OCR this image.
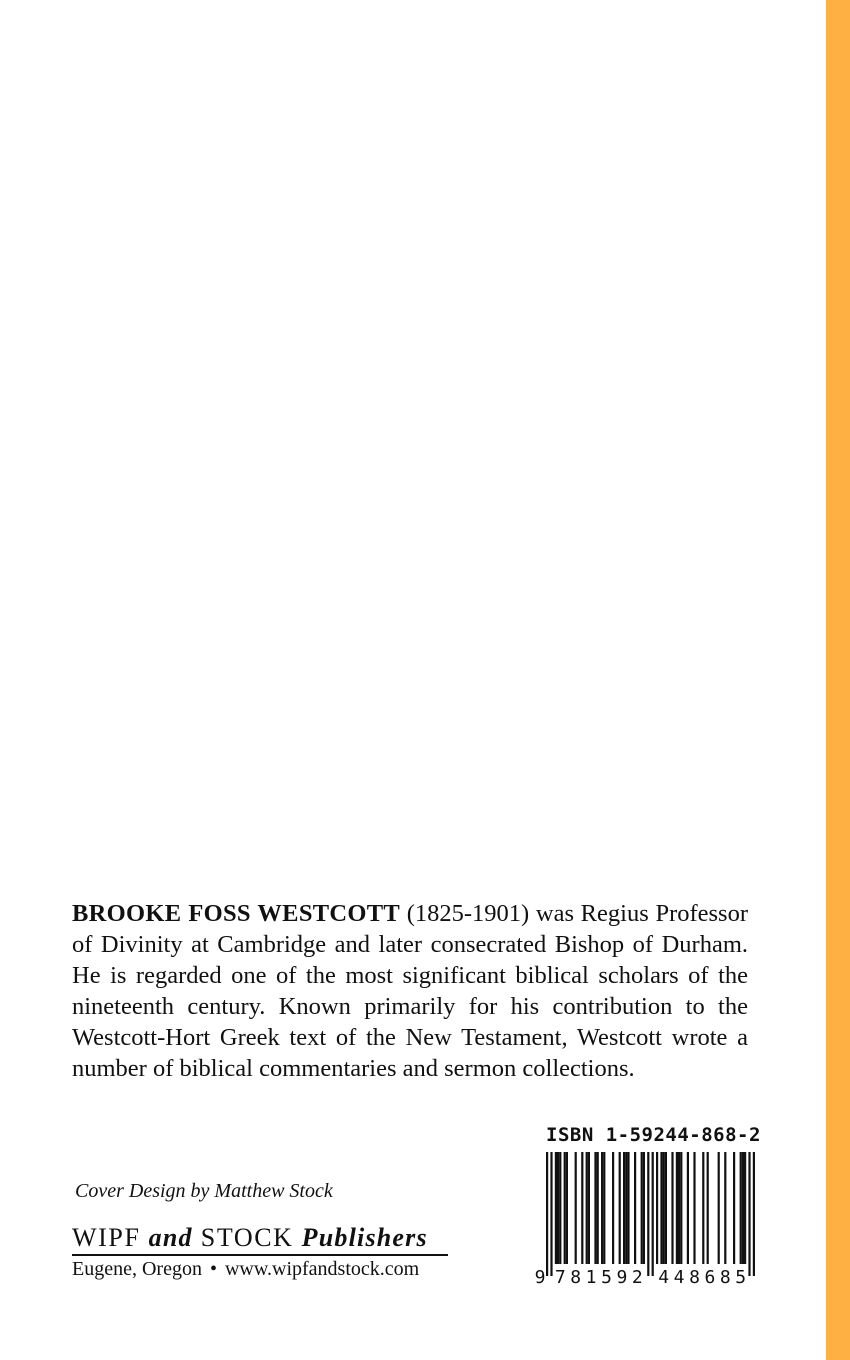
BROOKE FOSS WESTCOTT (1825-1901) was Regius Professor of Divinity at Cambridge and later consecrated Bishop of Durham. He is regarded one of the most significant biblical scholars of the nineteenth century. Known primarily for his contribution to the Westcott-Hort Greek text of the New Testament, Westcott wrote a number of biblical commentaries and sermon collections.

ISBN 1-59244-868-2
9 7 8 1 5 9 2 4 4 8 6 8 5
Cover Design by Matthew Stock
WIPF and STOCK Publishers
Eugene, Oregon • www.wipfandstock.com
